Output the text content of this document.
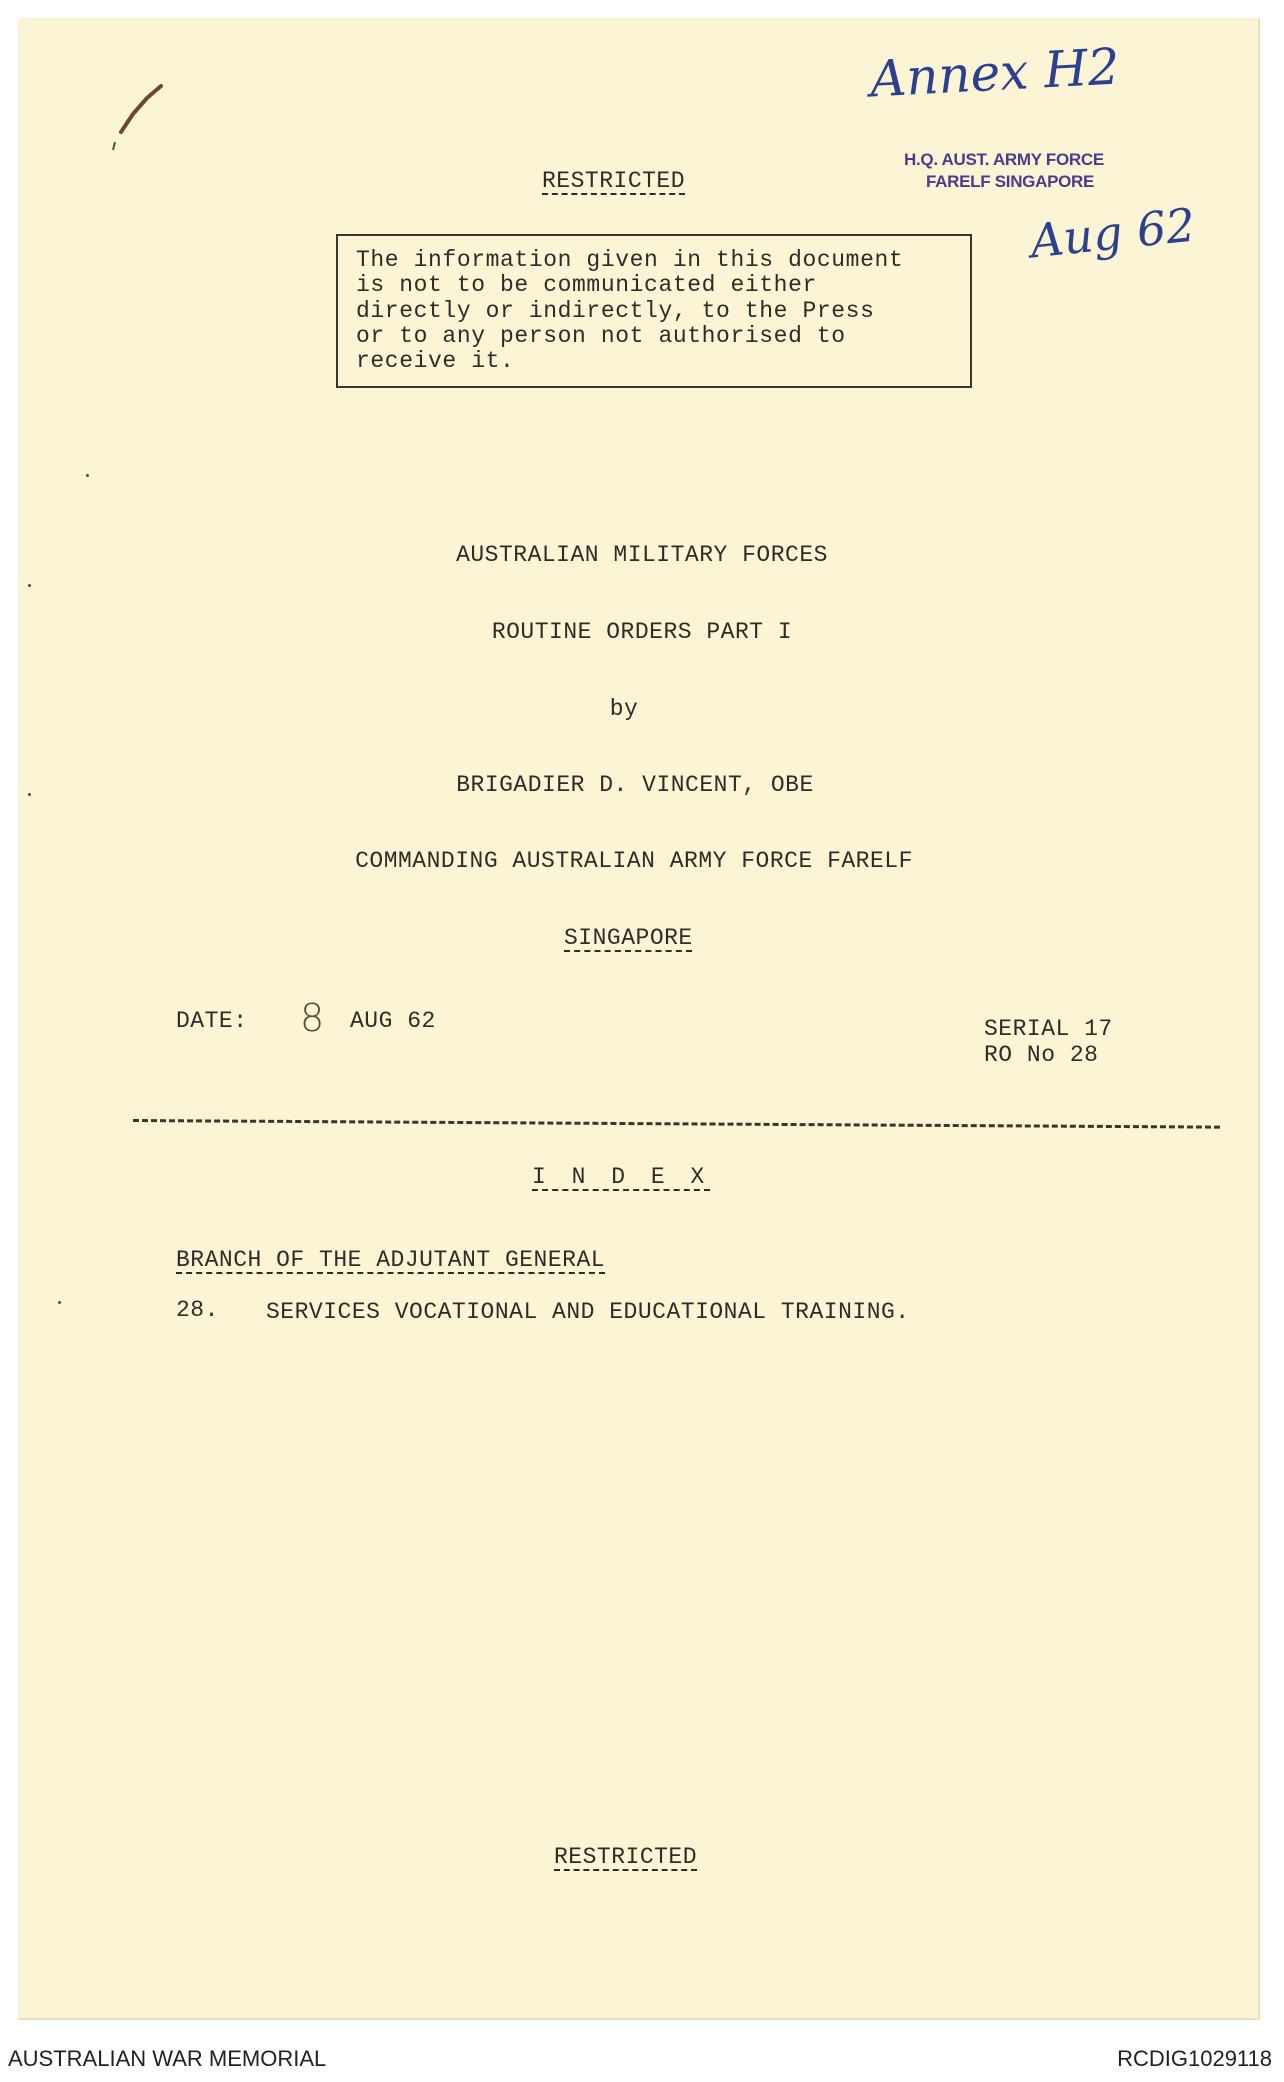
Annex H2
H.Q. AUST. ARMY FORCE
FARELF SINGAPORE
Aug 62
RESTRICTED
The information given in this document
is not to be communicated either
directly or indirectly, to the Press
or to any person not authorised to
receive it.
AUSTRALIAN MILITARY FORCES
ROUTINE ORDERS PART I
by
BRIGADIER D. VINCENT, OBE
COMMANDING AUSTRALIAN ARMY FORCE FARELF
SINGAPORE
DATE: 8 AUG 62	SERIAL 17
RO No 28
I N D E X
BRANCH OF THE ADJUTANT GENERAL
28. SERVICES VOCATIONAL AND EDUCATIONAL TRAINING.
RESTRICTED
AUSTRALIAN WAR MEMORIAL	RCDIG1029118
